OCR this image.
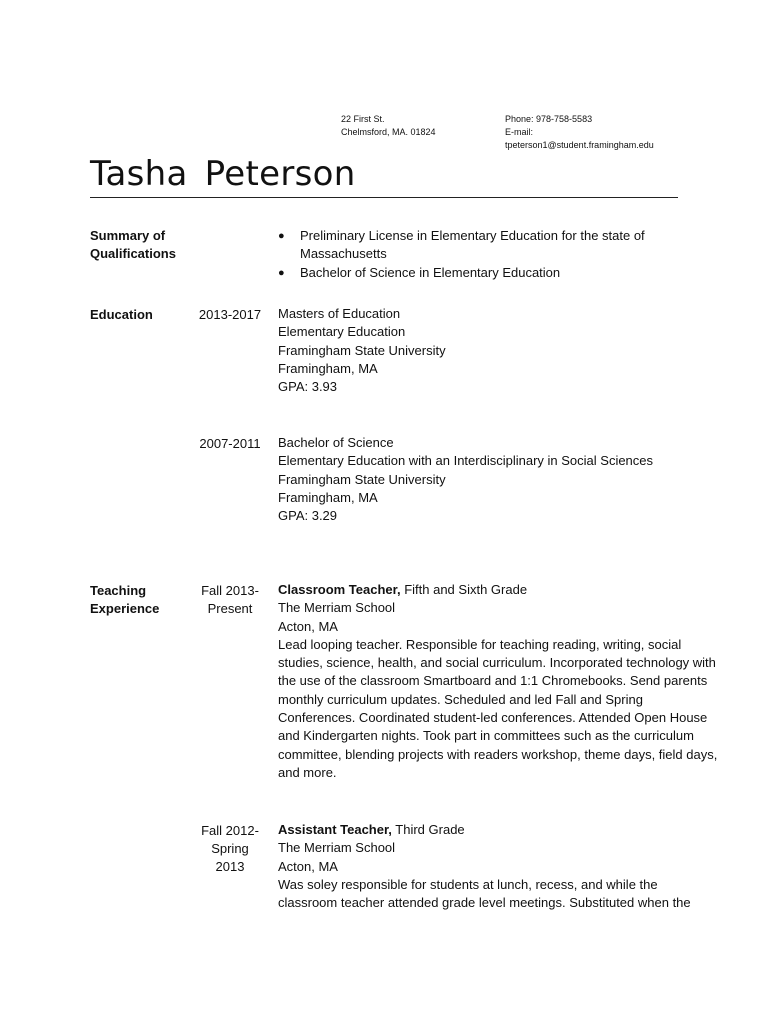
22 First St.
Chelmsford, MA. 01824
Phone: 978-758-5583
E-mail:
tpeterson1@student.framingham.edu
Tasha Peterson
Summary of
Qualifications
● Preliminary License in Elementary Education for the state of Massachusetts
● Bachelor of Science in Elementary Education
Education	2013-2017 Masters of Education
Elementary Education
Framingham State University
Framingham, MA
GPA: 3.93
2007-2011 Bachelor of Science
Elementary Education with an Interdisciplinary in Social Sciences
Framingham State University
Framingham, MA
GPA: 3.29
Teaching
Experience
Fall 2013-
Present
Classroom Teacher, Fifth and Sixth Grade
The Merriam School
Acton, MA
Lead looping teacher. Responsible for teaching reading, writing, social studies, science, health, and social curriculum. Incorporated technology with the use of the classroom Smartboard and 1:1 Chromebooks. Send parents monthly curriculum updates. Scheduled and led Fall and Spring Conferences. Coordinated student-led conferences. Attended Open House and Kindergarten nights. Took part in committees such as the curriculum committee, blending projects with readers workshop, theme days, field days, and more.
Fall 2012-
Spring
2013
Assistant Teacher, Third Grade
The Merriam School
Acton, MA
Was soley responsible for students at lunch, recess, and while the classroom teacher attended grade level meetings. Substituted when the
